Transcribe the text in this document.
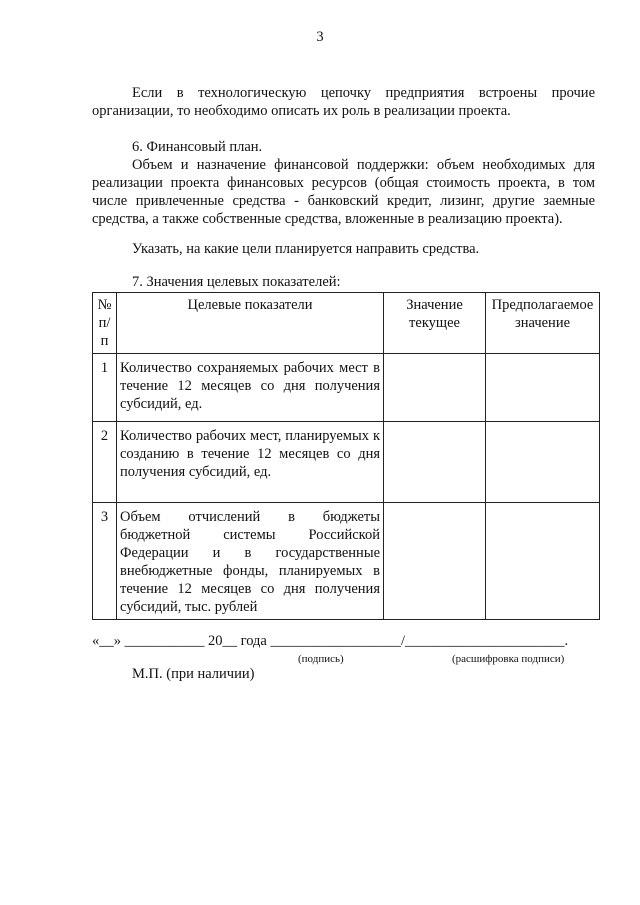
3

Если в технологическую цепочку предприятия встроены прочие организации, то необходимо описать их роль в реализации проекта.

6. Финансовый план.

Объем и назначение финансовой поддержки: объем необходимых для реализации проекта финансовых ресурсов (общая стоимость проекта, в том числе привлеченные средства - банковский кредит, лизинг, другие заемные средства, а также собственные средства, вложенные в реализацию проекта).

Указать, на какие цели планируется направить средства.

7. Значения целевых показателей:

№ п/п	Целевые показатели	Значение текущее	Предполагаемое значение
1	Количество сохраняемых рабочих мест в течение 12 месяцев со дня получения субсидий, ед.		
2	Количество рабочих мест, планируемых к созданию в течение 12 месяцев со дня получения субсидий, ед.		
3	Объем отчислений в бюджеты бюджетной системы Российской Федерации и в государственные внебюджетные фонды, планируемых в течение 12 месяцев со дня получения субсидий, тыс. рублей		
«__» ___________ 20__ года __________________/______________________.
(подпись)	(расшифровка подписи)
М.П. (при наличии)
